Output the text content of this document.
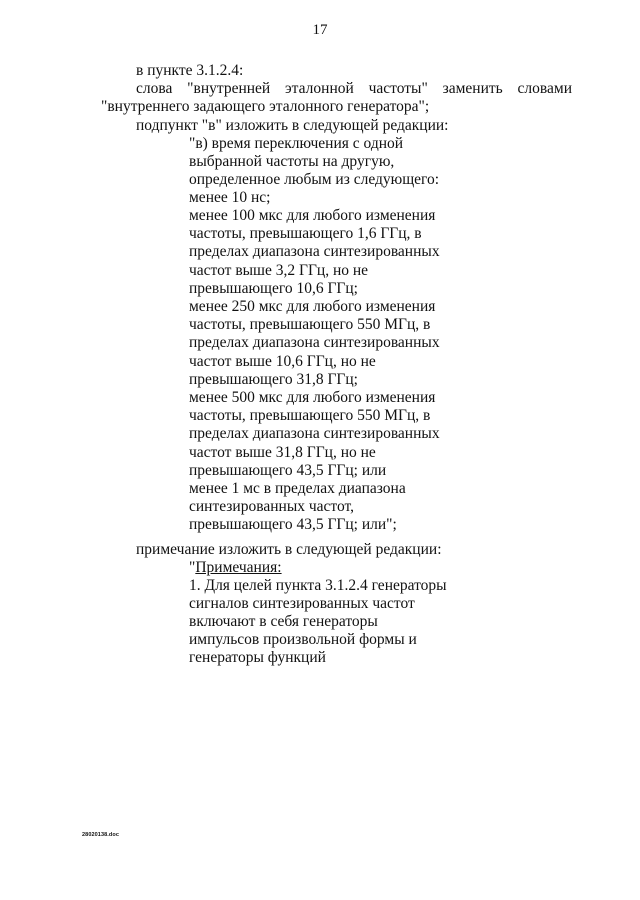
17
в пункте 3.1.2.4:
слова "внутренней эталонной частоты" заменить словами
"внутреннего задающего эталонного генератора";
подпункт "в" изложить в следующей редакции:
"в) время переключения с одной
выбранной частоты на другую,
определенное любым из следующего:
менее 10 нс;
менее 100 мкс для любого изменения
частоты, превышающего 1,6 ГГц, в
пределах диапазона синтезированных
частот выше 3,2 ГГц, но не
превышающего 10,6 ГГц;
менее 250 мкс для любого изменения
частоты, превышающего 550 МГц, в
пределах диапазона синтезированных
частот выше 10,6 ГГц, но не
превышающего 31,8 ГГц;
менее 500 мкс для любого изменения
частоты, превышающего 550 МГц, в
пределах диапазона синтезированных
частот выше 31,8 ГГц, но не
превышающего 43,5 ГГц; или
менее 1 мс в пределах диапазона
синтезированных частот,
превышающего 43,5 ГГц; или";
примечание изложить в следующей редакции:
"Примечания:
1. Для целей пункта 3.1.2.4 генераторы
сигналов синтезированных частот
включают в себя генераторы
импульсов произвольной формы и
генераторы функций
28020138.doc
